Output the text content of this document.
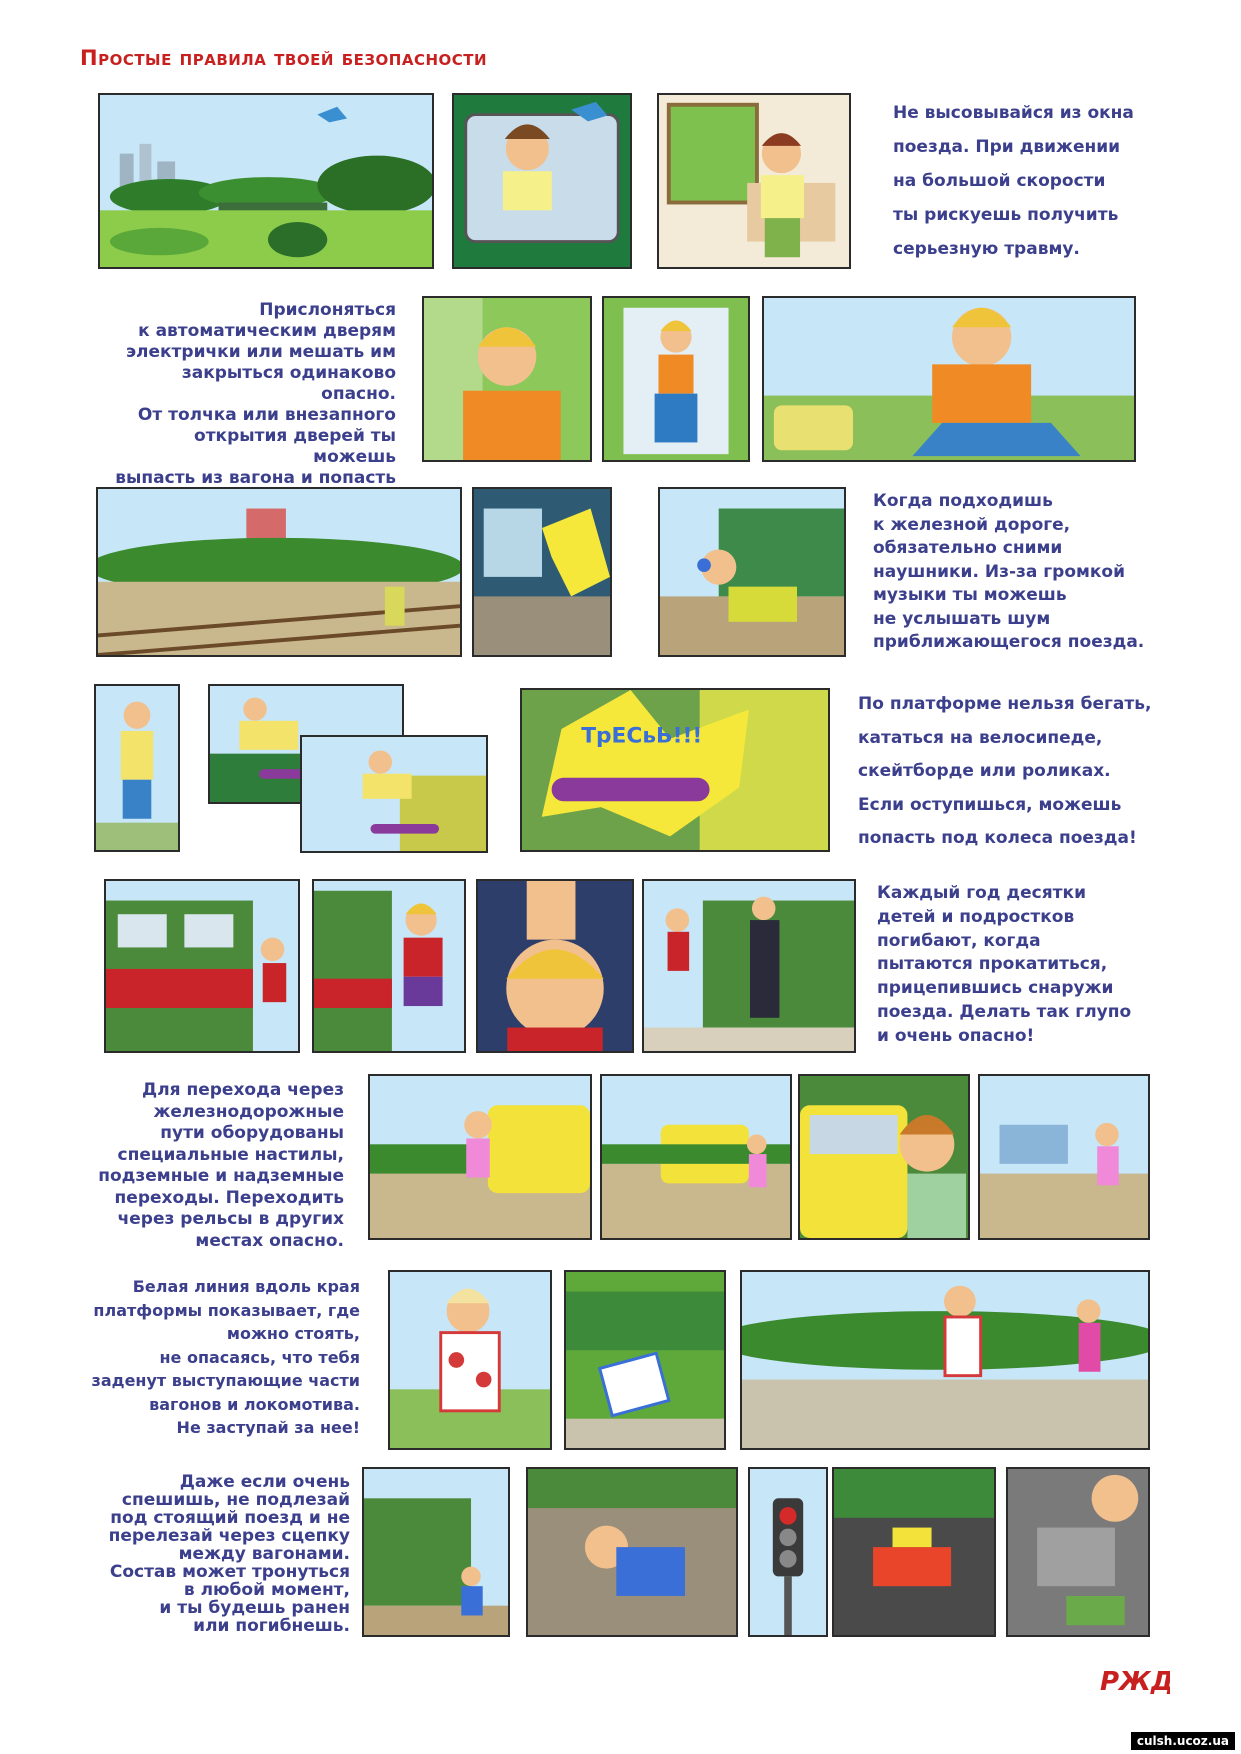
Простые правила твоей безопасности
Не высовывайся из окна
поезда. При движении
на большой скорости
ты рискуешь получить
серьезную травму.
Прислоняться
к автоматическим дверям
электрички или мешать им
закрыться одинаково опасно.
От толчка или внезапного
открытия дверей ты можешь
выпасть из вагона и попасть

Когда подходишь
к железной дороге,
обязательно сними
наушники. Из-за громкой
музыки ты можешь
не услышать шум
приближающегося поезда.
ТрЕСьЬ!!!
По платформе нельзя бегать,
кататься на велосипеде,
скейтборде или роликах.
Если оступишься, можешь
попасть под колеса поезда!
Каждый год десятки
детей и подростков
погибают, когда
пытаются прокатиться,
прицепившись снаружи
поезда. Делать так глупо
и очень опасно!
Для перехода через
железнодорожные
пути оборудованы
специальные настилы,
подземные и надземные
переходы. Переходить
через рельсы в других
местах опасно.
Белая линия вдоль края
платформы показывает, где
можно стоять,
не опасаясь, что тебя
заденут выступающие части
вагонов и локомотива.
Не заступай за нее!
Даже если очень
спешишь, не подлезай
под стоящий поезд и не
перелезай через сцепку
между вагонами.
Состав может тронуться
в любой момент,
и ты будешь ранен
или погибнешь.
РЖД
culsh.ucoz.ua
